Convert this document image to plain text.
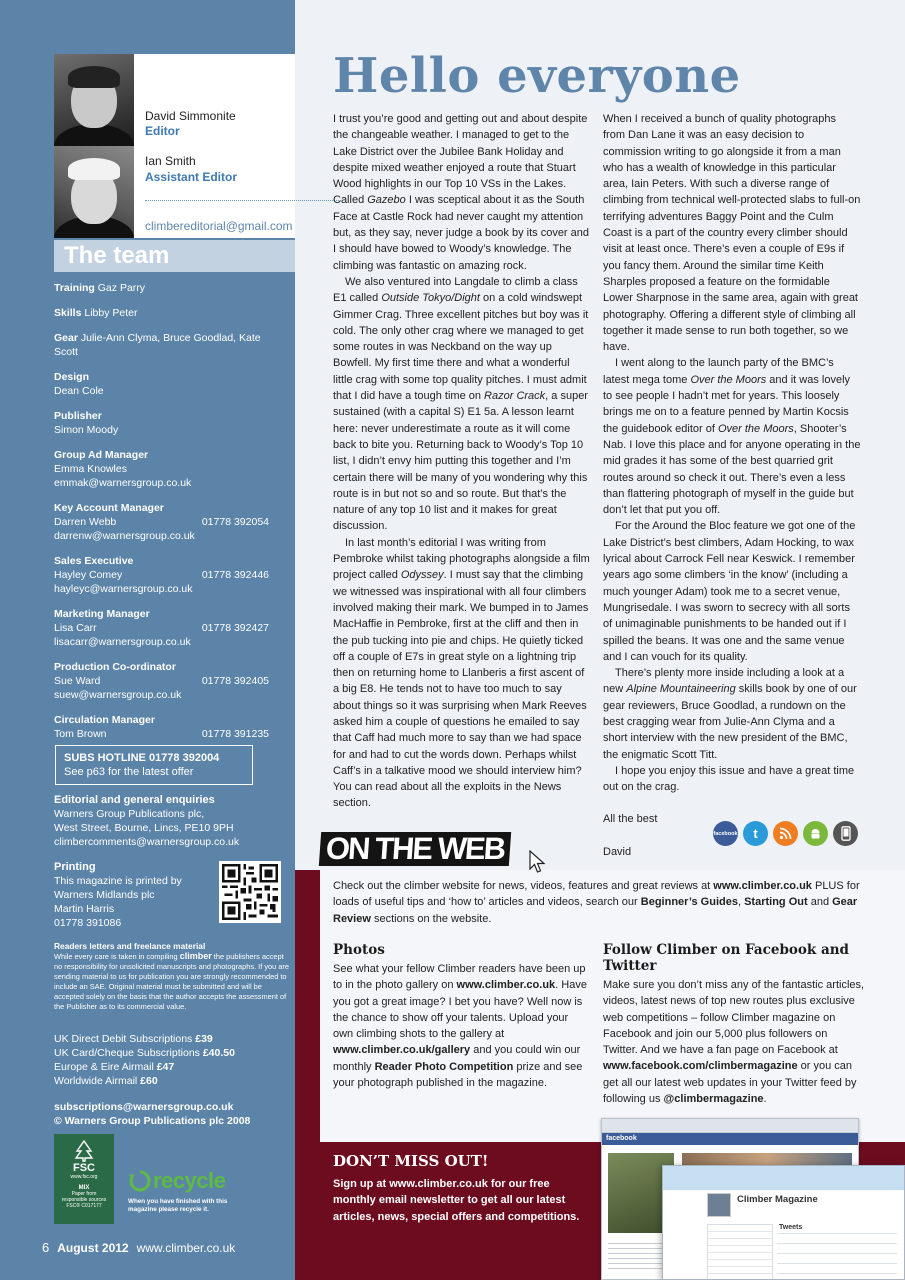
David Simmonite
Editor
Ian Smith
Assistant Editor
climbereditorial@gmail.com
The team
Training Gaz Parry
Skills Libby Peter
Gear Julie-Ann Clyma, Bruce Goodlad, Kate Scott
Design
Dean Cole
Publisher
Simon Moody
Group Ad Manager
Emma Knowles
emmak@warnersgroup.co.uk
Key Account Manager
Darren Webb	01778 392054
darrenw@warnersgroup.co.uk
Sales Executive
Hayley Comey	01778 392446
hayleyc@warnersgroup.co.uk
Marketing Manager
Lisa Carr	01778 392427
lisacarr@warnersgroup.co.uk
Production Co-ordinator
Sue Ward	01778 392405
suew@warnersgroup.co.uk
Circulation Manager
Tom Brown	01778 391235
SUBS HOTLINE 01778 392004
See p63 for the latest offer
Editorial and general enquiries
Warners Group Publications plc,
West Street, Bourne, Lincs, PE10 9PH
climbercomments@warnersgroup.co.uk
Printing
This magazine is printed by
Warners Midlands plc
Martin Harris
01778 391086
Readers letters and freelance material
While every care is taken in compiling climber the publishers accept no responsibility for unsolicited manuscripts and photographs. If you are sending material to us for publication you are strongly recommended to include an SAE. Original material must be submitted and will be accepted solely on the basis that the author accepts the assessment of the Publisher as to its commercial value.
UK Direct Debit Subscriptions £39
UK Card/Cheque Subscriptions £40.50
Europe & Eire Airmail £47
Worldwide Airmail £60
subscriptions@warnersgroup.co.uk
© Warners Group Publications plc 2008
FSC
www.fsc.org
MIX
Paper from
responsible sources
FSC® C017177
recycle
When you have finished with this magazine please recycle it.
6 August 2012 www.climber.co.uk
Hello everyone

I trust you’re good and getting out and about despite the changeable weather. I managed to get to the Lake District over the Jubilee Bank Holiday and despite mixed weather enjoyed a route that Stuart Wood highlights in our Top 10 VSs in the Lakes. Called Gazebo I was sceptical about it as the South Face at Castle Rock had never caught my attention but, as they say, never judge a book by its cover and I should have bowed to Woody’s knowledge. The climbing was fantastic on amazing rock.

We also ventured into Langdale to climb a class E1 called Outside Tokyo/Dight on a cold windswept Gimmer Crag. Three excellent pitches but boy was it cold. The only other crag where we managed to get some routes in was Neckband on the way up Bowfell. My first time there and what a wonderful little crag with some top quality pitches. I must admit that I did have a tough time on Razor Crack, a super sustained (with a capital S) E1 5a. A lesson learnt here: never underestimate a route as it will come back to bite you. Returning back to Woody’s Top 10 list, I didn’t envy him putting this together and I’m certain there will be many of you wondering why this route is in but not so and so route. But that’s the nature of any top 10 list and it makes for great discussion.

In last month’s editorial I was writing from Pembroke whilst taking photographs alongside a film project called Odyssey. I must say that the climbing we witnessed was inspirational with all four climbers involved making their mark. We bumped in to James MacHaffie in Pembroke, first at the cliff and then in the pub tucking into pie and chips. He quietly ticked off a couple of E7s in great style on a lightning trip then on returning home to Llanberis a first ascent of a big E8. He tends not to have too much to say about things so it was surprising when Mark Reeves asked him a couple of questions he emailed to say that Caff had much more to say than we had space for and had to cut the words down. Perhaps whilst Caff’s in a talkative mood we should interview him? You can read about all the exploits in the News section.

When I received a bunch of quality photographs from Dan Lane it was an easy decision to commission writing to go alongside it from a man who has a wealth of knowledge in this particular area, Iain Peters. With such a diverse range of climbing from technical well-protected slabs to full-on terrifying adventures Baggy Point and the Culm Coast is a part of the country every climber should visit at least once. There’s even a couple of E9s if you fancy them. Around the similar time Keith Sharples proposed a feature on the formidable Lower Sharpnose in the same area, again with great photography. Offering a different style of climbing all together it made sense to run both together, so we have.

I went along to the launch party of the BMC’s latest mega tome Over the Moors and it was lovely to see people I hadn’t met for years. This loosely brings me on to a feature penned by Martin Kocsis the guidebook editor of Over the Moors, Shooter’s Nab. I love this place and for anyone operating in the mid grades it has some of the best quarried grit routes around so check it out. There’s even a less than flattering photograph of myself in the guide but don’t let that put you off.

For the Around the Bloc feature we got one of the Lake District’s best climbers, Adam Hocking, to wax lyrical about Carrock Fell near Keswick. I remember years ago some climbers ‘in the know’ (including a much younger Adam) took me to a secret venue, Mungrisedale. I was sworn to secrecy with all sorts of unimaginable punishments to be handed out if I spilled the beans. It was one and the same venue and I can vouch for its quality.

There’s plenty more inside including a look at a new Alpine Mountaineering skills book by one of our gear reviewers, Bruce Goodlad, a rundown on the best cragging wear from Julie-Ann Clyma and a short interview with the new president of the BMC, the enigmatic Scott Titt.

I hope you enjoy this issue and have a great time out on the crag.

All the best

David

ON THE WEB	facebook	t
Check out the climber website for news, videos, features and great reviews at www.climber.co.uk PLUS for loads of useful tips and ‘how to’ articles and videos, search our Beginner’s Guides, Starting Out and Gear Review sections on the website.
Photos
See what your fellow Climber readers have been up to in the photo gallery on www.climber.co.uk. Have you got a great image? I bet you have? Well now is the chance to show off your talents. Upload your own climbing shots to the gallery at www.climber.co.uk/gallery and you could win our monthly Reader Photo Competition prize and see your photograph published in the magazine.
Follow Climber on Facebook and Twitter
Make sure you don’t miss any of the fantastic articles, videos, latest news of top new routes plus exclusive web competitions – follow Climber magazine on Facebook and join our 5,000 plus followers on Twitter. And we have a fan page on Facebook at www.facebook.com/climbermagazine or you can get all our latest web updates in your Twitter feed by following us @climbermagazine.
DON’T MISS OUT!
Sign up at www.climber.co.uk for our free monthly email newsletter to get all our latest articles, news, special offers and competitions.
facebook
Climber Magazine
Tweets
